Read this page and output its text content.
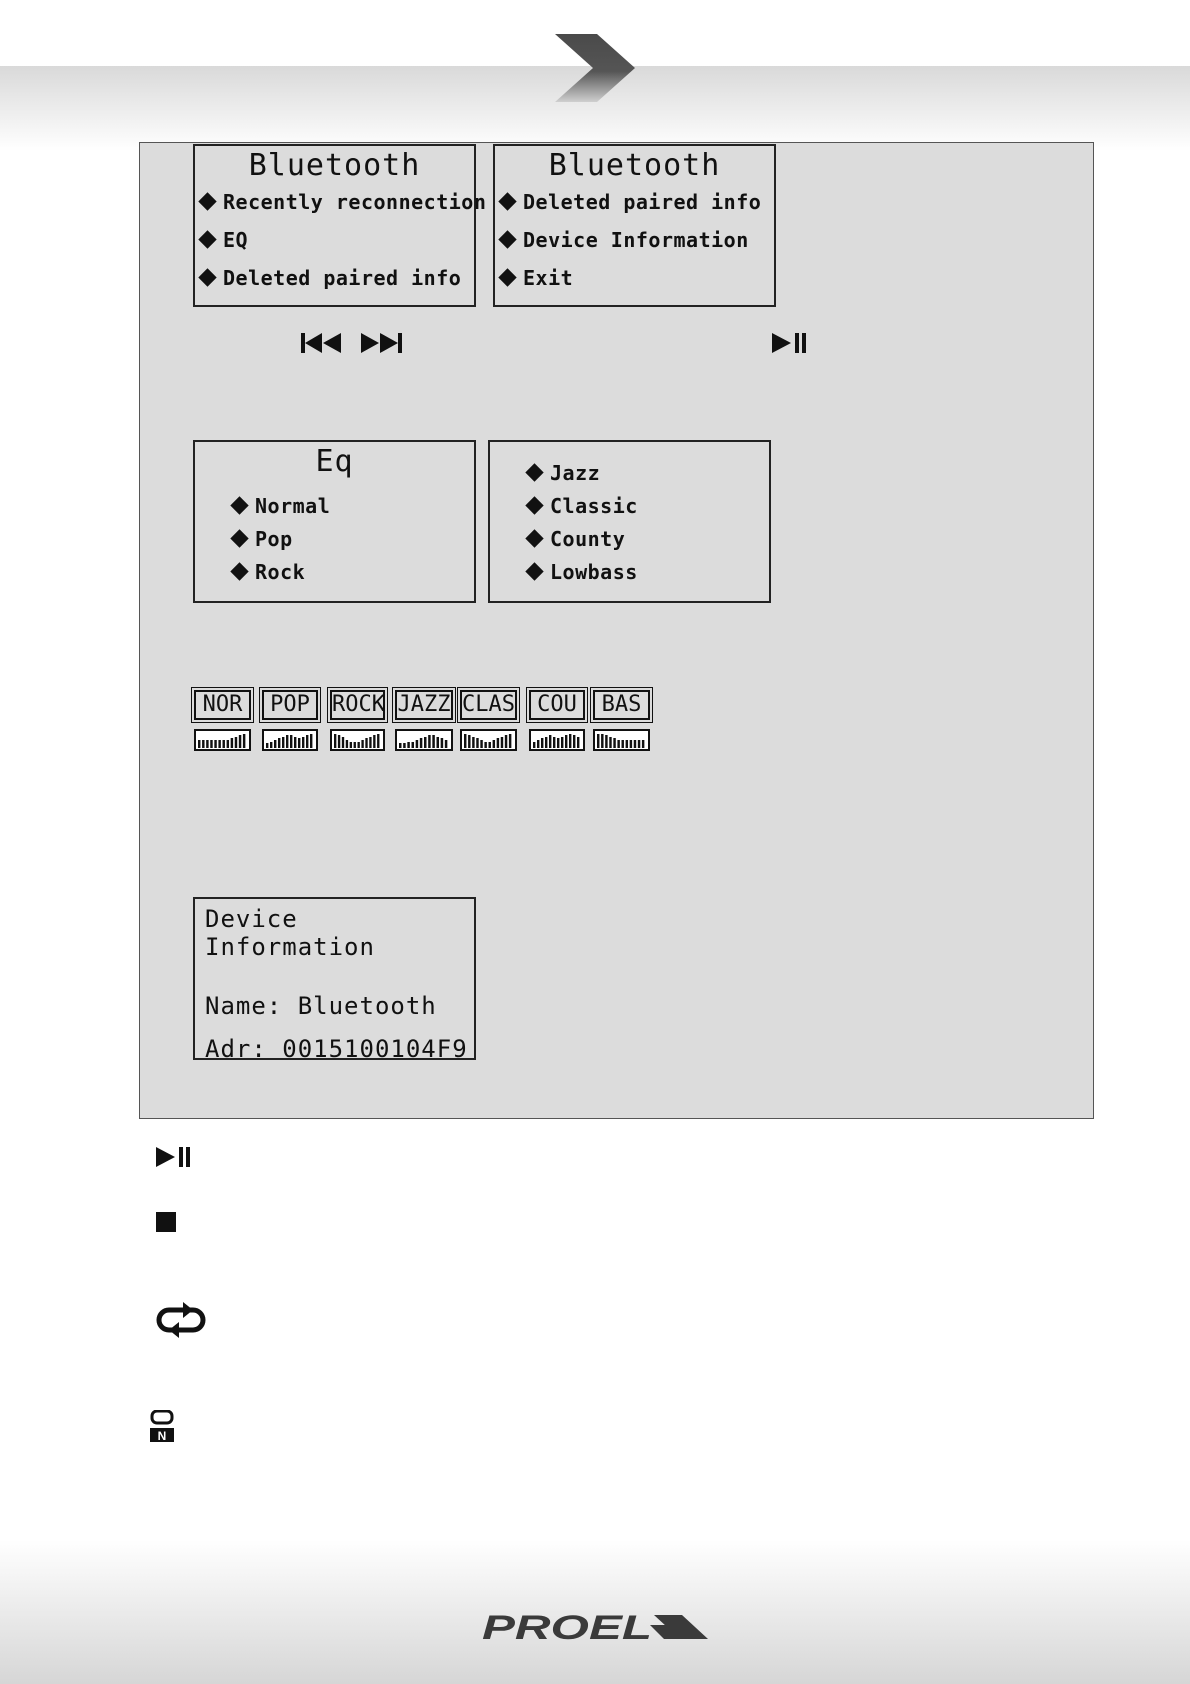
Bluetooth
Recently reconnection
EQ
Deleted paired info
Bluetooth
Deleted paired info
Device Information
Exit
Eq
Normal
Pop
Rock
Jazz
Classic
County
Lowbass
Device Information
Name: Bluetooth
Adr: 0015100104F9
NOR	POP	ROCK JAZZ CLAS	COU	BAS
N
PROEL
